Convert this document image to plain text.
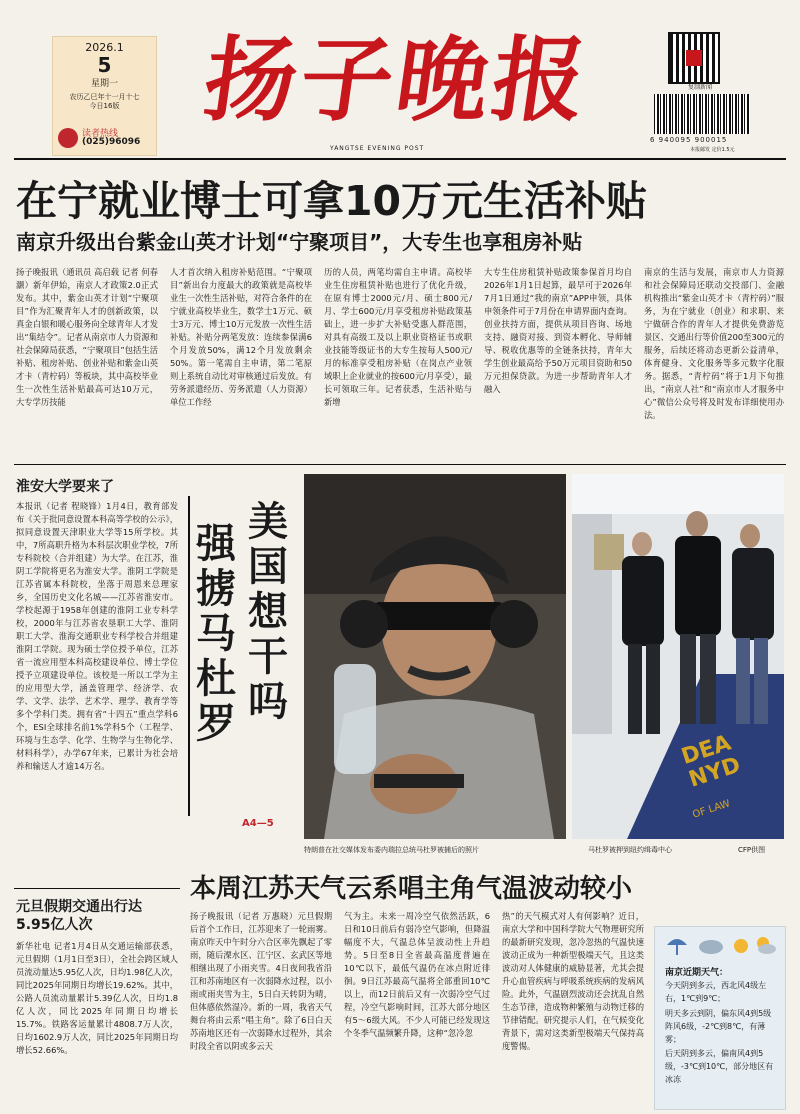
2026.1
5
星期一
农历乙巳年十一月十七
今日16版
读者热线
(025)96096
扬子晚报
YANGTSE EVENING POST
复制新闻
6 940095 900015
本报邮发 定价1.5元
在宁就业博士可拿10万元生活补贴
南京升级出台紫金山英才计划“宁聚项目”，大专生也享租房补贴
扬子晚报讯（通讯员 高启载 记者 何春灏）新年伊始，南京人才政策2.0正式发布。其中，紫金山英才计划“宁聚项目”作为汇聚青年人才的创新政策，以真金白银和暖心服务向全球青年人才发出“集结令”。记者从南京市人力资源和社会保障局获悉，“宁聚项目”包括生活补贴、租房补贴、创业补贴和紫金山英才卡（青柠码）等板块，其中高校毕业生一次性生活补贴最高可达10万元，大专学历技能
人才首次纳入租房补贴范围。“宁聚项目”新出台力度最大的政策就是高校毕业生一次性生活补贴，对符合条件的在宁就业高校毕业生，数学士1万元、硕士3万元、博士10万元发放一次性生活补贴。补贴分两笔发放：连续参保满6个月发放50%，满12个月发放剩余50%。第一笔需自主申请，第二笔原则上系统自动比对审核通过后发放。有劳务派遣经历、劳务派遣（人力资源）单位工作经
历的人员，两笔均需自主申请。高校毕业生住房租赁补贴也进行了优化升级，在原有博士2000元/月、硕士800元/月、学士600元/月享受租房补贴政策基础上，进一步扩大补贴受惠人群范围，对具有高级工及以上职业资格证书或职业技能等级证书的大专生按每人500元/月的标准享受租房补贴（在岗点产业领域职上企业就业的按600元/月享受），最长可领取三年。记者获悉，生活补贴与新增
大专生住房租赁补贴政策参保首月均自2026年1月1日起算，最早可于2026年7月1日通过“我的南京”APP申领，具体申领条件可于7月份在申请界面内查询。创业扶持方面，提供从项目咨询、场地支持、融资对接、到资本孵化、导师辅导、税收优惠等的全链条扶持，青年大学生创业最高给予50万元项目资助和50万元担保贷款。为进一步帮助青年人才融入
南京的生活与发展，南京市人力资源和社会保障局还联动交投部门、金融机构推出“紫金山英才卡（青柠码）”服务，为在宁就业（创业）和求职、来宁做研合作的青年人才提供免费游览景区、交通出行等价值200至300元的服务，后续还将动态更新公益清单，体育健身、文化服务等多元数字化服务。据悉，“青柠码”将于1月下旬推出，“南京人社”和“南京市人才服务中心”微信公众号将及时发布详细使用办法。
淮安大学要来了
本报讯（记者 程晓锋）1月4日，教育部发布《关于批同意设置本科高等学校的公示》，拟同意设置天津职业大学等15所学校。其中，7所高职升格为本科层次职业学校，7所专科院校（合并组建）为大学。在江苏，淮阴工学院将更名为淮安大学。淮阴工学院是江苏省属本科院校，坐落于周恩来总理家乡，全国历史文化名城——江苏省淮安市。学校起源于1958年创建的淮阴工业专科学校，2000年与江苏省农垦职工大学、淮阴职工大学、淮海交通职业专科学校合并组建淮阴工学院。现为硕士学位授予单位，江苏省一流应用型本科高校建设单位、博士学位授予立项建设单位。该校是一所以工学为主的应用型大学，涵盖管理学、经济学、农学、文学、法学、艺术学、理学、教育学等多个学科门类。拥有省“十四五”重点学科6个，ESI全球排名前1%学科5个（工程学、环境与生态学、化学、生物学与生物化学、材料科学），办学67年来，已累计为社会培养和输送人才逾14万名。
元旦假期交通出行达5.95亿人次
新华社电 记者1月4日从交通运输部获悉，元旦假期（1月1日至3日），全社会跨区域人员流动量达5.95亿人次，日均1.98亿人次，同比2025年同期日均增长19.62%。其中，公路人员流动量累计5.39亿人次，日均1.8亿人次，同比2025年同期日均增长15.7%。铁路客运量累计4808.7万人次，日均1602.9万人次，同比2025年同期日均增长52.66%。
美国想干吗
强掳马杜罗
A4—5
DEA NYD
OF LAW
特朗普在社交媒体发布委内瑞拉总统马杜罗被捕后的照片	马杜罗被押到纽约缉毒中心	CFP供图
本周江苏天气云系唱主角气温波动较小
扬子晚报讯（记者 万惠晓）元旦假期后首个工作日，江苏迎来了一轮雨雾。南京昨天中午时分六合区率先飘起了零雨，随后溧水区、江宁区、玄武区等地相继出现了小雨夹雪。4日夜间我省沿江和苏南地区有一次弱降水过程，以小雨或雨夹雪为主，5日白天转阴为晴，但体感依然湿冷。新的一周，我省天气舞台将由云系“唱主角”。除了6日白天苏南地区还有一次弱降水过程外，其余时段全省以阴或多云天
气为主。未来一周冷空气依然活跃，6日和10日前后有弱冷空气影响，但降温幅度不大，气温总体呈波动性上升趋势。5日至8日全省最高温度普遍在10℃以下，最低气温仍在冰点附近徘徊。9日江苏最高气温将全部重回10℃以上，而12日前后又有一次弱冷空气过程，冷空气影响时间，江苏大部分地区有5～6级大风。不少人可能已经发现这个冬季气温频繁升降，这种“忽冷忽
热”的天气模式对人有何影响？近日，南京大学和中国科学院大气物理研究所的最新研究发现，忽冷忽热的气温快速波动正成为一种新型极端天气，且这类波动对人体健康的威胁显著，尤其会提升心血管疾病与呼吸系统疾病的发病风险。此外，气温剧烈波动还会扰乱自然生态节律，造成物种繁殖与动物迁移的节律错配。研究提示人们，在气候变化背景下，需对这类新型极端天气保持高度警惕。
南京近期天气：
今天阴到多云，西北风4级左右，1℃到9℃；
明天多云到阴，偏东风4到5级阵风6级，-2℃到8℃，有薄雾；
后天阴到多云，偏南风4到5级，-3℃到10℃，部分地区有冰冻
